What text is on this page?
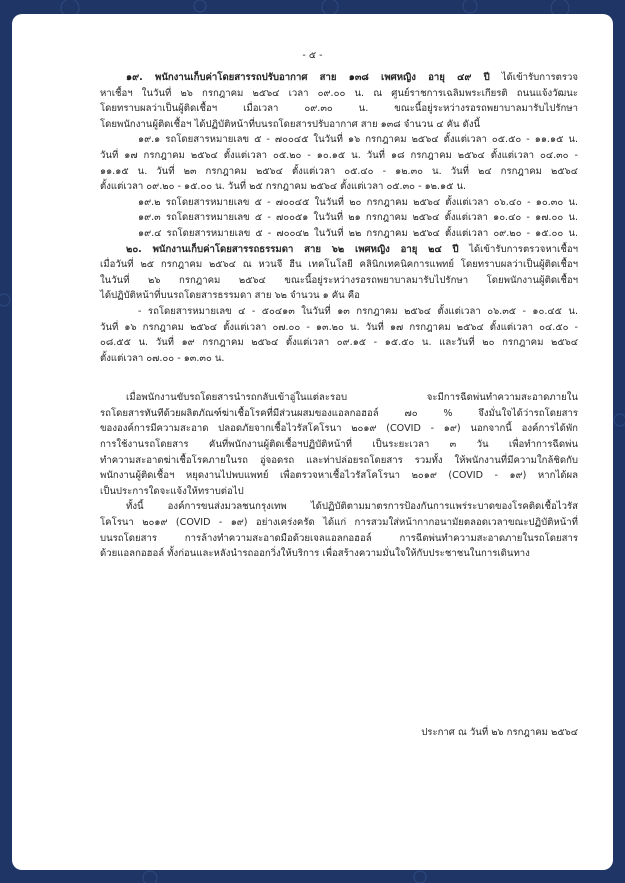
- ๕ -
๑๙. พนักงานเก็บค่าโดยสารรถปรับอากาศ สาย ๑๓๘ เพศหญิง อายุ ๔๙ ปี ได้เข้ารับการตรวจ
หาเชื้อฯ ในวันที่ ๒๖ กรกฎาคม ๒๕๖๔ เวลา ๐๙.๐๐ น. ณ ศูนย์ราชการเฉลิมพระเกียรติ ถนนแจ้งวัฒนะ
โดยทราบผลว่าเป็นผู้ติดเชื้อฯ เมื่อเวลา ๐๙.๓๐ น. ขณะนี้อยู่ระหว่างรอรถพยาบาลมารับไปรักษา
โดยพนักงานผู้ติดเชื้อฯ ได้ปฏิบัติหน้าที่บนรถโดยสารปรับอากาศ สาย ๑๓๘ จำนวน ๔ คัน ดังนี้
๑๙.๑ รถโดยสารหมายเลข ๕ - ๗๐๐๔๕ ในวันที่ ๑๖ กรกฎาคม ๒๕๖๔ ตั้งแต่เวลา ๐๕.๕๐ - ๑๑.๑๕ น.
วันที่ ๑๗ กรกฎาคม ๒๕๖๔ ตั้งแต่เวลา ๐๕.๒๐ - ๑๐.๑๕ น. วันที่ ๑๘ กรกฎาคม ๒๕๖๔ ตั้งแต่เวลา ๐๔.๓๐ -
๑๑.๑๕ น. วันที่ ๒๓ กรกฎาคม ๒๕๖๔ ตั้งแต่เวลา ๐๕.๔๐ - ๑๒.๓๐ น. วันที่ ๒๔ กรกฎาคม ๒๕๖๔
ตั้งแต่เวลา ๐๙.๒๐ - ๑๕.๐๐ น. วันที่ ๒๕ กรกฎาคม ๒๕๖๔ ตั้งแต่เวลา ๐๕.๓๐ - ๑๒.๑๕ น.
๑๙.๒ รถโดยสารหมายเลข ๕ - ๗๐๐๔๕ ในวันที่ ๒๐ กรกฎาคม ๒๕๖๔ ตั้งแต่เวลา ๐๖.๔๐ - ๑๐.๓๐ น.
๑๙.๓ รถโดยสารหมายเลข ๕ - ๗๐๐๕๑ ในวันที่ ๒๑ กรกฎาคม ๒๕๖๔ ตั้งแต่เวลา ๑๐.๔๐ - ๑๗.๐๐ น.
๑๙.๔ รถโดยสารหมายเลข ๕ - ๗๐๐๔๒ ในวันที่ ๒๒ กรกฎาคม ๒๕๖๔ ตั้งแต่เวลา ๐๙.๒๐ - ๑๕.๐๐ น.
๒๐. พนักงานเก็บค่าโดยสารรถธรรมดา สาย ๖๒ เพศหญิง อายุ ๒๔ ปี ได้เข้ารับการตรวจหาเชื้อฯ
เมื่อวันที่ ๒๕ กรกฎาคม ๒๕๖๔ ณ หวนจี ฮีน เทคโนโลยี คลินิกเทคนิคการแพทย์ โดยทราบผลว่าเป็นผู้ติดเชื้อฯ
ในวันที่ ๒๖ กรกฎาคม ๒๕๖๔ ขณะนี้อยู่ระหว่างรอรถพยาบาลมารับไปรักษา โดยพนักงานผู้ติดเชื้อฯ
ได้ปฏิบัติหน้าที่บนรถโดยสารธรรมดา สาย ๖๒ จำนวน ๑ คัน คือ
- รถโดยสารหมายเลข ๔ - ๕๐๔๑๓ ในวันที่ ๑๓ กรกฎาคม ๒๕๖๔ ตั้งแต่เวลา ๐๖.๓๕ - ๑๐.๔๕ น.
วันที่ ๑๖ กรกฎาคม ๒๕๖๔ ตั้งแต่เวลา ๐๗.๐๐ - ๑๓.๒๐ น. วันที่ ๑๗ กรกฎาคม ๒๕๖๔ ตั้งแต่เวลา ๐๔.๕๐ -
๐๘.๕๕ น. วันที่ ๑๙ กรกฎาคม ๒๕๖๔ ตั้งแต่เวลา ๐๙.๑๕ - ๑๕.๕๐ น. และวันที่ ๒๐ กรกฎาคม ๒๕๖๔
ตั้งแต่เวลา ๐๗.๐๐ - ๑๓.๓๐ น.
เมื่อพนักงานขับรถโดยสารนำรถกลับเข้าอู่ในแต่ละรอบ จะมีการฉีดพ่นทำความสะอาดภายใน
รถโดยสารทันทีด้วยผลิตภัณฑ์ฆ่าเชื้อโรคที่มีส่วนผสมของแอลกอฮอล์ ๗๐ % จึงมั่นใจได้ว่ารถโดยสาร
ขององค์การมีความสะอาด ปลอดภัยจากเชื้อไวรัสโคโรนา ๒๐๑๙ (COVID - ๑๙) นอกจากนี้ องค์การได้พัก
การใช้งานรถโดยสาร คันที่พนักงานผู้ติดเชื้อฯปฏิบัติหน้าที่ เป็นระยะเวลา ๓ วัน เพื่อทำการฉีดพ่น
ทำความสะอาดฆ่าเชื้อโรคภายในรถ อู่จอดรถ และท่าปล่อยรถโดยสาร รวมทั้ง ให้พนักงานที่มีความใกล้ชิดกับ
พนักงานผู้ติดเชื้อฯ หยุดงานไปพบแพทย์ เพื่อตรวจหาเชื้อไวรัสโคโรนา ๒๐๑๙ (COVID - ๑๙) หากได้ผล
เป็นประการใดจะแจ้งให้ทราบต่อไป
ทั้งนี้ องค์การขนส่งมวลชนกรุงเทพ ได้ปฏิบัติตามมาตรการป้องกันการแพร่ระบาดของโรคติดเชื้อไวรัส
โคโรนา ๒๐๑๙ (COVID - ๑๙) อย่างเคร่งครัด ได้แก่ การสวมใส่หน้ากากอนามัยตลอดเวลาขณะปฏิบัติหน้าที่
บนรถโดยสาร การล้างทำความสะอาดมือด้วยเจลแอลกอฮอล์ การฉีดพ่นทำความสะอาดภายในรถโดยสาร
ด้วยแอลกอฮอล์ ทั้งก่อนและหลังนำรถออกวิ่งให้บริการ เพื่อสร้างความมั่นใจให้กับประชาชนในการเดินทาง
ประกาศ ณ วันที่ ๒๖ กรกฎาคม ๒๕๖๔
